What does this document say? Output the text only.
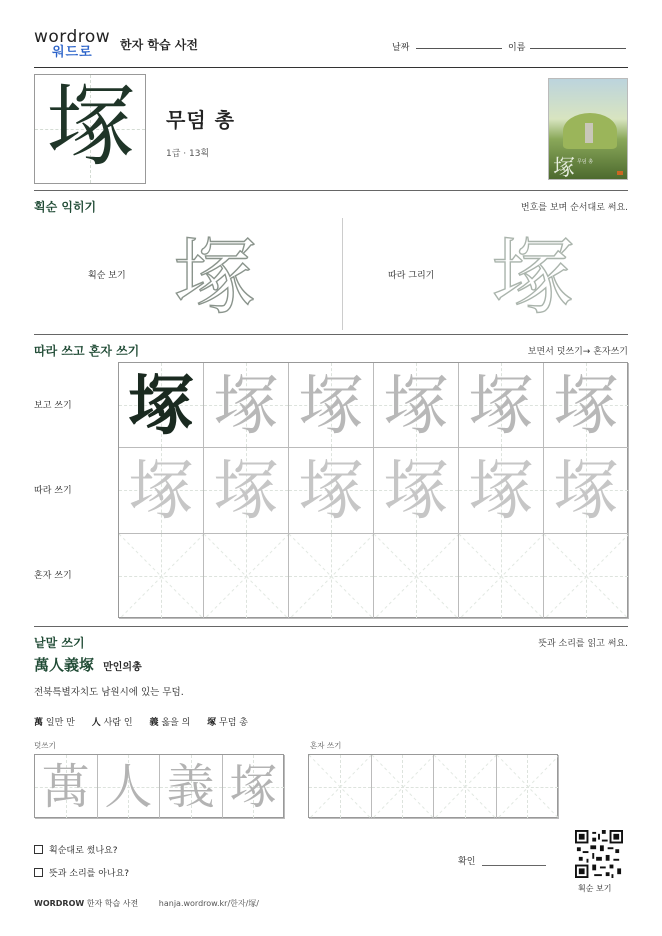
wordrow
워드로	한자 학습 사전	날짜	이름
塚	무덤 총
1급 · 13획
塚 무덤 총
획순 익히기	번호를 보며 순서대로 써요.
획순 보기 塚	따라 그리기 塚
따라 쓰고 혼자 쓰기	보면서 덧쓰기→ 혼자쓰기
보고 쓰기
따라 쓰기
혼자 쓰기
塚 塚 塚 塚 塚 塚
塚 塚 塚 塚 塚 塚
낱말 쓰기	뜻과 소리를 읽고 써요.
萬人義塚 만인의총
전북특별자치도 남원시에 있는 무덤.
萬 일만 만 人 사람 인 義 옳을 의 塚 무덤 총
덧쓰기	혼자 쓰기
萬 人 義 塚
획순대로 썼나요?
뜻과 소리를 아나요?
확인
획순 보기
WORDROW 한자 학습 사전	hanja.wordrow.kr/한자/塚/
